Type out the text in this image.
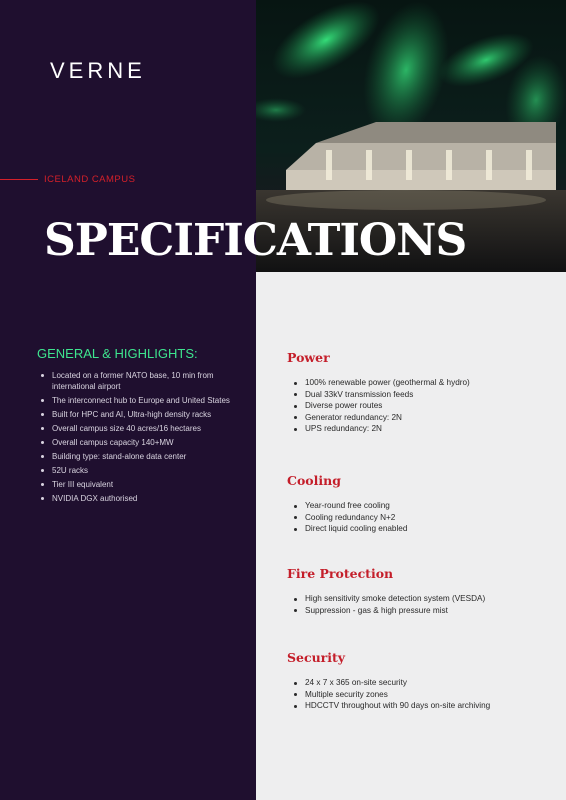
VERNE
ICELAND CAMPUS
SPECIFICATIONS
GENERAL & HIGHLIGHTS:
Located on a former NATO base, 10 min from international airport
The interconnect hub to Europe and United States
Built for HPC and AI, Ultra-high density racks
Overall campus size 40 acres/16 hectares
Overall campus capacity 140+MW
Building type: stand-alone data center
52U racks
Tier III equivalent
NVIDIA DGX authorised
Power
100% renewable power (geothermal & hydro)
Dual 33kV transmission feeds
Diverse power routes
Generator redundancy: 2N
UPS redundancy: 2N
Cooling
Year-round free cooling
Cooling redundancy N+2
Direct liquid cooling enabled
Fire Protection
High sensitivity smoke detection system (VESDA)
Suppression - gas & high pressure mist
Security
24 x 7 x 365 on-site security
Multiple security zones
HDCCTV throughout with 90 days on-site archiving
